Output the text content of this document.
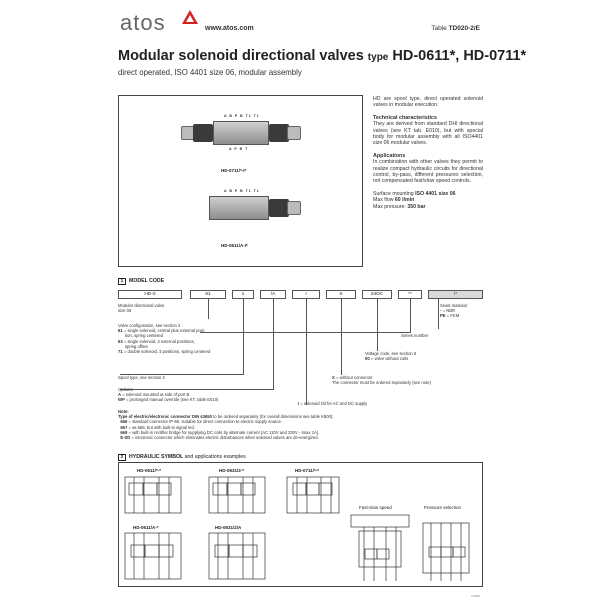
atos	www.atos.com	Table TD020-2/E
Modular solenoid directional valves type HD-0611*, HD-0711*
direct operated, ISO 4401 size 06, modular assembly
A B P B T1 T1
A P B T
HD-0711/*-I*
A B P B T1 T1
HD-0611/A-I*

HD are spool type, direct operated solenoid valves in modular execution.

Technical characteristics

They are derived from standard DHI directional valves (see KT tab. E010), but with special body for modular assembly with all ISO4401 size 06 modular valves.

Applications

In combination with other valves they permit to realize compact hydraulic circuits for directional control, by-pass, different pressures selection, not compensated fast/slow speed controls.

Surface mounting ISO 4401 size 06

Max flow 60 l/min

Max pressure: 350 bar

1 MODEL CODE
HD-0	61	1	/A	I	X	24DC	**	/*
Modular directional valve
size 06
Valve configuration, see section 2
61 = single solenoid, central plus external posi-
tion, spring centered
63 = single solenoid, 2 external positions,
spring offset
71 = double solenoid, 3 positions, spring centered
Spool type, see section 2
Options:
A = solenoid mounted at side of port B
WP = prolonged manual override (see KT, table E010)
I = solenoid Oil for AC and DC supply
X = without connector
The connector must be ordered separately (see note)
Voltage code, see section 6
00 = valve without coils
Series number
Seals material:
- = NBR
PE = FKM
Note:
Type of electric/electronic connector DIN 43650 to be ordered separately (for overall dimensions see table K500):
666 = standard connector IP-65, suitable for direct connection to electric supply source.
667 = as 666, but with built-in signal led.
669 = with built-in rectifier bridge for supplying DC coils by alternate current (AC 110V and 230V - Imax 1A).
E-SD = electronic connector which eliminates electric disturbances when solenoid valves are de-energized.
2 HYDRAULIC SYMBOL and applications examples
HD-0611/*-*	HD-0631/2-*	HD-0711/*-*
HD-0611/A-*	HD-0631/2/A
Fast-slow speed	Pressure selection
TD020
